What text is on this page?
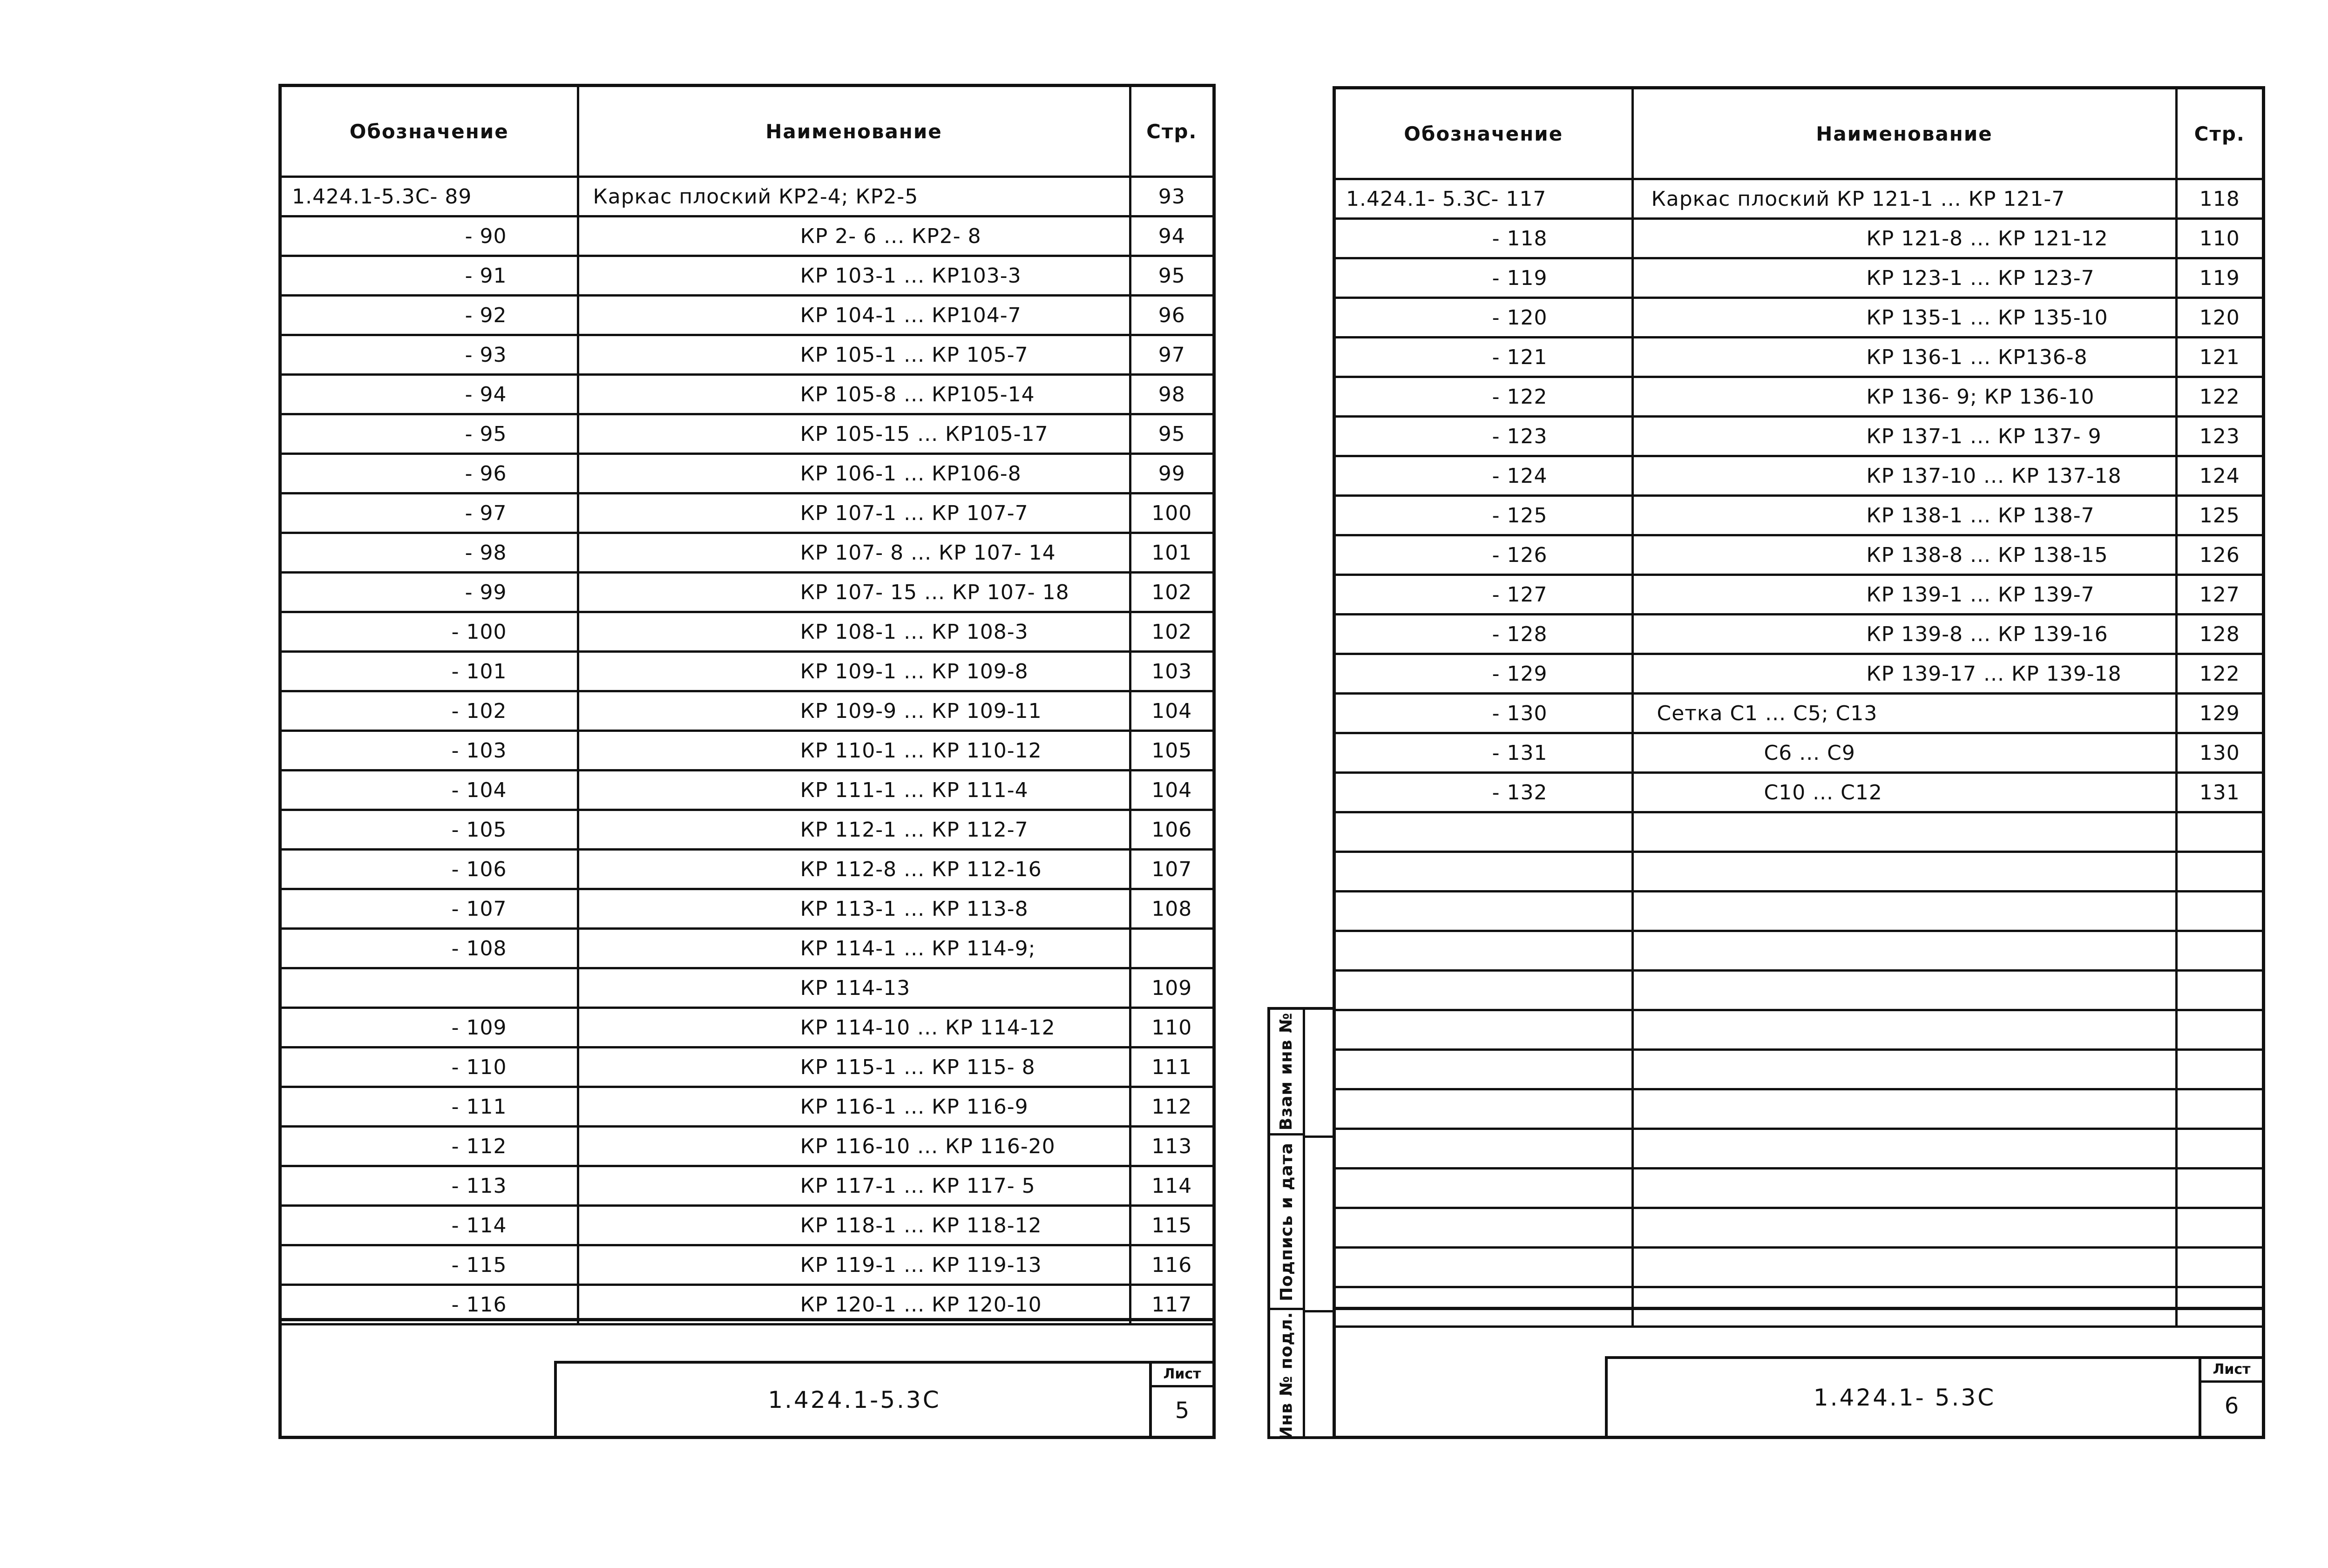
Обозначение	Наименование	Стр.
1.424.1-5.3С- 89	Каркас плоский КР2-4; КР2-5	93
- 90	КР 2- 6 ... КР2- 8	94
- 91	КР 103-1 ... КР103-3	95
- 92	КР 104-1 ... КР104-7	96
- 93	КР 105-1 ... КР 105-7	97
- 94	КР 105-8 ... КР105-14	98
- 95	КР 105-15 ... КР105-17	95
- 96	КР 106-1 ... КР106-8	99
- 97	КР 107-1 ... КР 107-7	100
- 98	КР 107- 8 ... КР 107- 14	101
- 99	КР 107- 15 ... КР 107- 18	102
- 100	КР 108-1 ... КР 108-3	102
- 101	КР 109-1 ... КР 109-8	103
- 102	КР 109-9 ... КР 109-11	104
- 103	КР 110-1 ... КР 110-12	105
- 104	КР 111-1 ... КР 111-4	104
- 105	КР 112-1 ... КР 112-7	106
- 106	КР 112-8 ... КР 112-16	107
- 107	КР 113-1 ... КР 113-8	108
- 108	КР 114-1 ... КР 114-9;	
	КР 114-13	109
- 109	КР 114-10 ... КР 114-12	110
- 110	КР 115-1 ... КР 115- 8	111
- 111	КР 116-1 ... КР 116-9	112
- 112	КР 116-10 ... КР 116-20	113
- 113	КР 117-1 ... КР 117- 5	114
- 114	КР 118-1 ... КР 118-12	115
- 115	КР 119-1 ... КР 119-13	116
- 116	КР 120-1 ... КР 120-10	117
1.424.1-5.3С
Лист
5
Взам инв №
Подпись и дата
Инв № подл.
Обозначение	Наименование	Стр.
1.424.1- 5.3С- 117	Каркас плоский КР 121-1 ... КР 121-7	118
- 118	КР 121-8 ... КР 121-12	110
- 119	КР 123-1 ... КР 123-7	119
- 120	КР 135-1 ... КР 135-10	120
- 121	КР 136-1 ... КР136-8	121
- 122	КР 136- 9; КР 136-10	122
- 123	КР 137-1 ... КР 137- 9	123
- 124	КР 137-10 ... КР 137-18	124
- 125	КР 138-1 ... КР 138-7	125
- 126	КР 138-8 ... КР 138-15	126
- 127	КР 139-1 ... КР 139-7	127
- 128	КР 139-8 ... КР 139-16	128
- 129	КР 139-17 ... КР 139-18	122
- 130	Сетка С1 ... С5; С13	129
- 131	С6 ... С9	130
- 132	С10 ... С12	131

1.424.1- 5.3С
Лист
6
